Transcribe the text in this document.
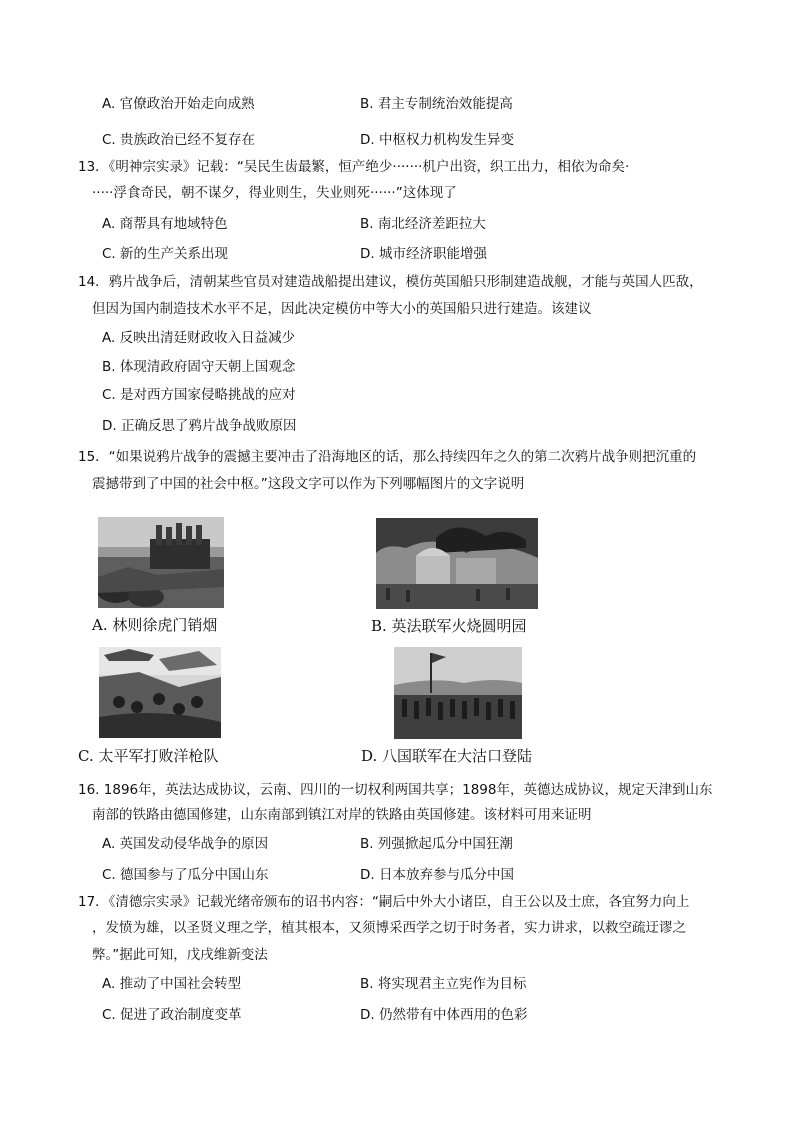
A. 官僚政治开始走向成熟	B. 君主专制统治效能提高
C. 贵族政治已经不复存在	D. 中枢权力机构发生异变
13．《明神宗实录》记载：“吴民生齿最繁，恒产绝少·······机户出资，织工出力，相依为命矣·
·····浮食奇民，朝不谋夕，得业则生，失业则死······”这体现了
A. 商帮具有地域特色	B. 南北经济差距拉大
C. 新的生产关系出现	D. 城市经济职能增强
14．鸦片战争后，清朝某些官员对建造战船提出建议，模仿英国船只形制建造战舰，才能与英国人匹敌，
但因为国内制造技术水平不足，因此决定模仿中等大小的英国船只进行建造。该建议
A. 反映出清廷财政收入日益减少
B. 体现清政府固守天朝上国观念
C. 是对西方国家侵略挑战的应对
D. 正确反思了鸦片战争战败原因
15．“如果说鸦片战争的震撼主要冲击了沿海地区的话，那么持续四年之久的第二次鸦片战争则把沉重的
震撼带到了中国的社会中枢。”这段文字可以作为下列哪幅图片的文字说明
A. 林则徐虎门销烟	B. 英法联军火烧圆明园
C. 太平军打败洋枪队	D. 八国联军在大沽口登陆
16. 1896年，英法达成协议，云南、四川的一切权利两国共享；1898年，英德达成协议，规定天津到山东
南部的铁路由德国修建，山东南部到镇江对岸的铁路由英国修建。该材料可用来证明
A. 英国发动侵华战争的原因	B. 列强掀起瓜分中国狂潮
C. 德国参与了瓜分中国山东	D. 日本放弃参与瓜分中国
17．《清德宗实录》记载光绪帝颁布的诏书内容：“嗣后中外大小诸臣，自王公以及士庶，各宜努力向上
，发愤为雄，以圣贤义理之学，植其根本，又须博采西学之切于时务者，实力讲求，以救空疏迂谬之
弊。”据此可知，戊戌维新变法
A. 推动了中国社会转型	B. 将实现君主立宪作为目标
C. 促进了政治制度变革	D. 仍然带有中体西用的色彩
